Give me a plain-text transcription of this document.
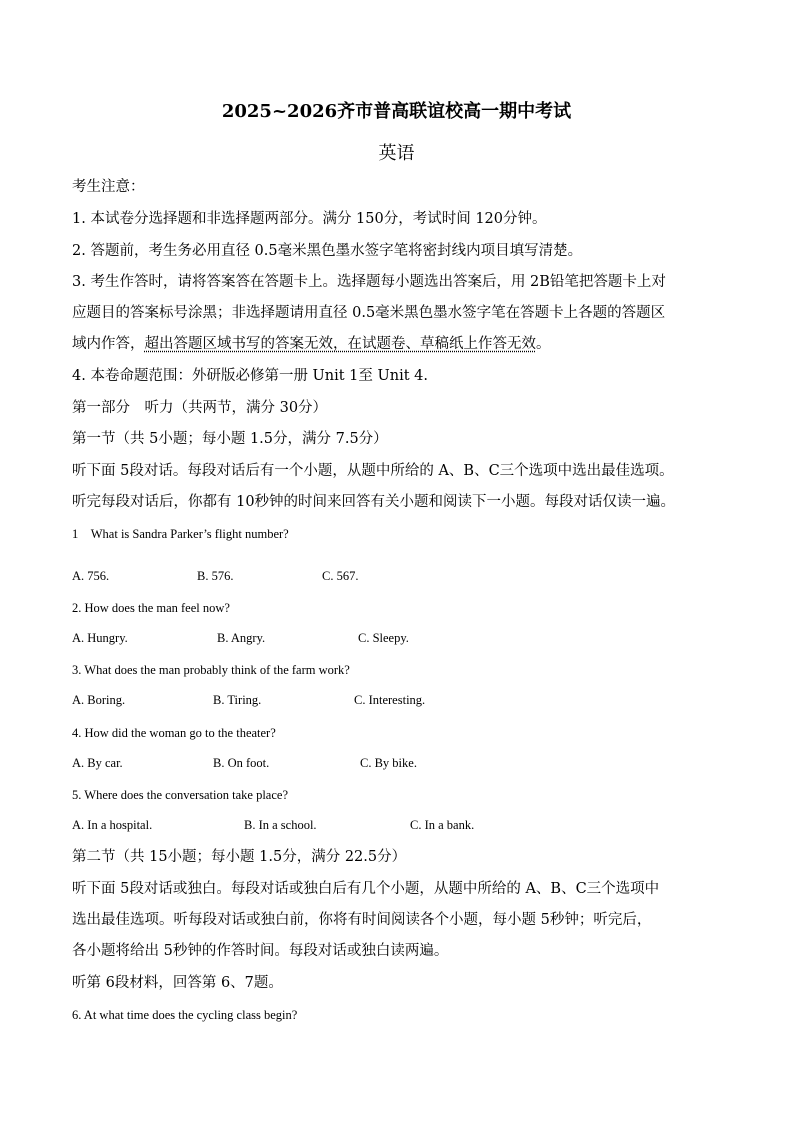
2025~2026齐市普高联谊校高一期中考试
英语
考生注意：
1. 本试卷分选择题和非选择题两部分。满分 150分，考试时间 120分钟。
2. 答题前，考生务必用直径 0.5毫米黑色墨水签字笔将密封线内项目填写清楚。
3. 考生作答时，请将答案答在答题卡上。选择题每小题选出答案后，用 2B铅笔把答题卡上对
应题目的答案标号涂黑；非选择题请用直径 0.5毫米黑色墨水签字笔在答题卡上各题的答题区
域内作答，超出答题区域书写的答案无效，在试题卷、草稿纸上作答无效。
4. 本卷命题范围：外研版必修第一册 Unit 1至 Unit 4.
第一部分　听力（共两节，满分 30分）
第一节（共 5小题；每小题 1.5分，满分 7.5分）
听下面 5段对话。每段对话后有一个小题，从题中所给的 A、B、C三个选项中选出最佳选项。
听完每段对话后，你都有 10秒钟的时间来回答有关小题和阅读下一小题。每段对话仅读一遍。
1　What is Sandra Parker’s flight number?
A. 756.	B. 576.	C. 567.
2. How does the man feel now?
A. Hungry.	B. Angry.	C. Sleepy.
3. What does the man probably think of the farm work?
A. Boring.	B. Tiring.	C. Interesting.
4. How did the woman go to the theater?
A. By car.	B. On foot.	C. By bike.
5. Where does the conversation take place?
A. In a hospital.	B. In a school.	C. In a bank.
第二节（共 15小题；每小题 1.5分，满分 22.5分）
听下面 5段对话或独白。每段对话或独白后有几个小题，从题中所给的 A、B、C三个选项中
选出最佳选项。听每段对话或独白前，你将有时间阅读各个小题，每小题 5秒钟；听完后，
各小题将给出 5秒钟的作答时间。每段对话或独白读两遍。
听第 6段材料，回答第 6、7题。
6. At what time does the cycling class begin?
